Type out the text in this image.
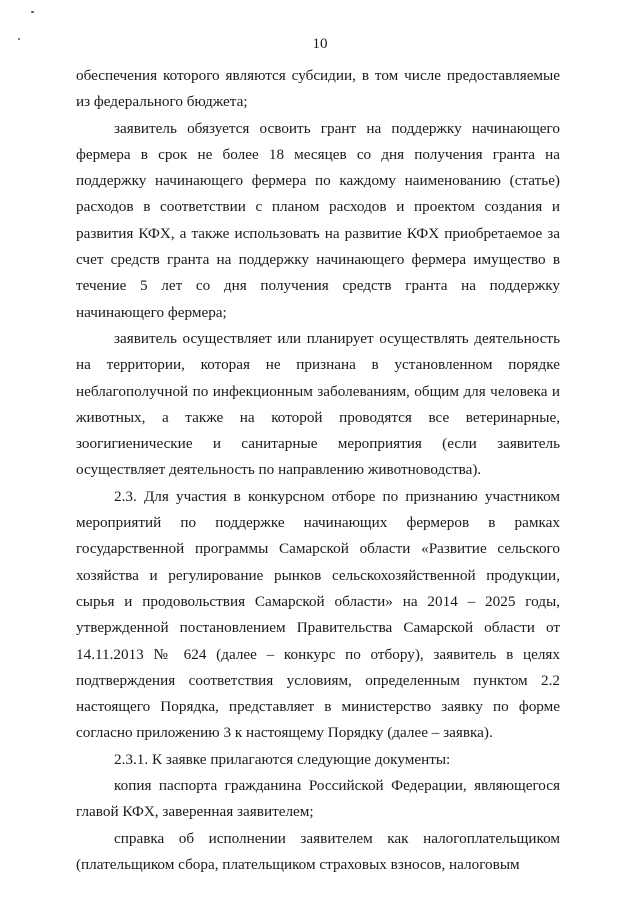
10

обеспечения которого являются субсидии, в том числе предоставляемые из федерального бюджета;

заявитель обязуется освоить грант на поддержку начинающего фермера в срок не более 18 месяцев со дня получения гранта на поддержку начинающего фермера по каждому наименованию (статье) расходов в соответствии с планом расходов и проектом создания и развития КФХ, а также использовать на развитие КФХ приобретаемое за счет средств гранта на поддержку начинающего фермера имущество в течение 5 лет со дня получения средств гранта на поддержку начинающего фермера;

заявитель осуществляет или планирует осуществлять деятельность на территории, которая не признана в установленном порядке неблагополучной по инфекционным заболеваниям, общим для человека и животных, а также на которой проводятся все ветеринарные, зоогигиенические и санитарные мероприятия (если заявитель осуществляет деятельность по направлению животноводства).

2.3. Для участия в конкурсном отборе по признанию участником мероприятий по поддержке начинающих фермеров в рамках государственной программы Самарской области «Развитие сельского хозяйства и регулирование рынков сельскохозяйственной продукции, сырья и продовольствия Самарской области» на 2014 – 2025 годы, утвержденной постановлением Правительства Самарской области от 14.11.2013 № 624 (далее – конкурс по отбору), заявитель в целях подтверждения соответствия условиям, определенным пунктом 2.2 настоящего Порядка, представляет в министерство заявку по форме согласно приложению 3 к настоящему Порядку (далее – заявка).

2.3.1. К заявке прилагаются следующие документы:

копия паспорта гражданина Российской Федерации, являющегося главой КФХ, заверенная заявителем;

справка об исполнении заявителем как налогоплательщиком (плательщиком сбора, плательщиком страховых взносов, налоговым
